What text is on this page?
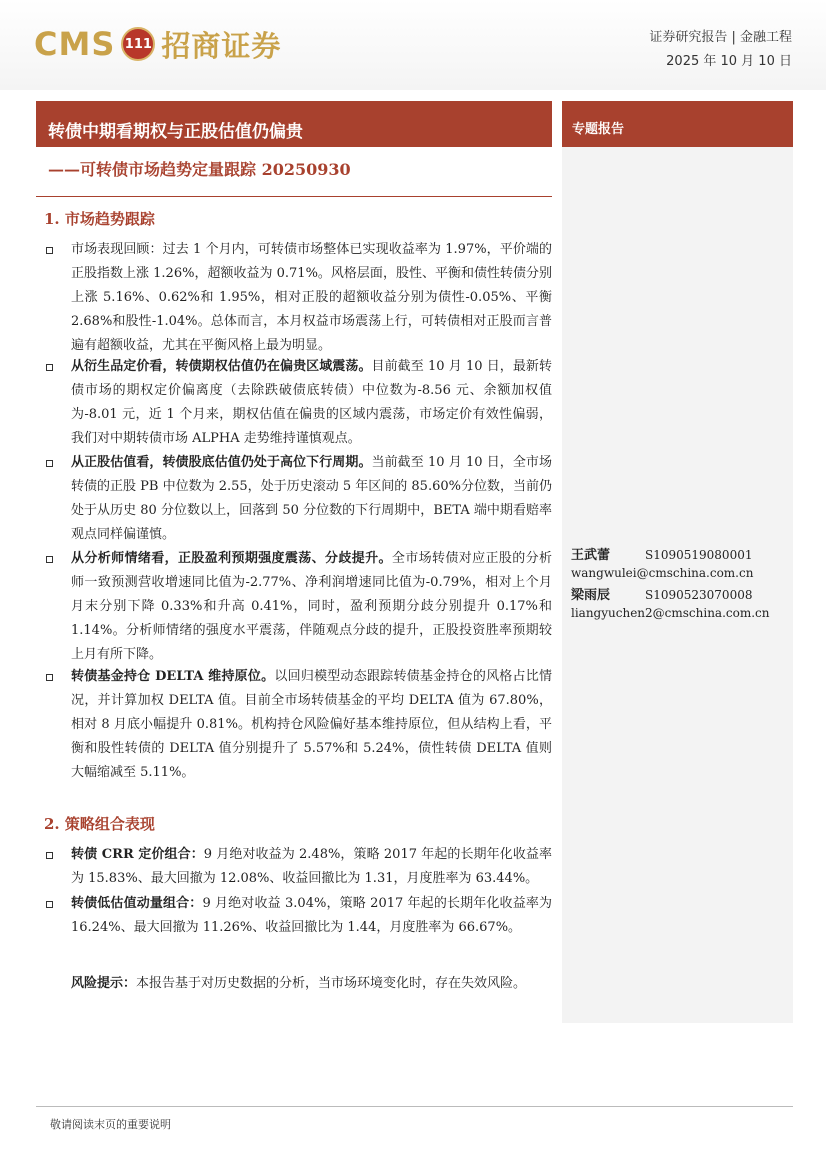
CMS 111 招商证券	证券研究报告 | 金融工程
2025 年 10 月 10 日
转债中期看期权与正股估值仍偏贵
——可转债市场趋势定量跟踪 20250930
专题报告
王武蕾	S1090519080001
wangwulei@cmschina.com.cn
梁雨辰	S1090523070008
liangyuchen2@cmschina.com.cn
1. 市场趋势跟踪
市场表现回顾：过去 1 个月内，可转债市场整体已实现收益率为 1.97%，平价端的正股指数上涨 1.26%，超额收益为 0.71%。风格层面，股性、平衡和债性转债分别上涨 5.16%、0.62%和 1.95%，相对正股的超额收益分别为债性-0.05%、平衡 2.68%和股性-1.04%。总体而言，本月权益市场震荡上行，可转债相对正股而言普遍有超额收益，尤其在平衡风格上最为明显。
从衍生品定价看，转债期权估值仍在偏贵区域震荡。目前截至 10 月 10 日，最新转债市场的期权定价偏离度（去除跌破债底转债）中位数为-8.56 元、余额加权值为-8.01 元，近 1 个月来，期权估值在偏贵的区域内震荡，市场定价有效性偏弱，我们对中期转债市场 ALPHA 走势维持谨慎观点。
从正股估值看，转债股底估值仍处于高位下行周期。当前截至 10 月 10 日，全市场转债的正股 PB 中位数为 2.55，处于历史滚动 5 年区间的 85.60%分位数，当前仍处于从历史 80 分位数以上，回落到 50 分位数的下行周期中，BETA 端中期看赔率观点同样偏谨慎。
从分析师情绪看，正股盈利预期强度震荡、分歧提升。全市场转债对应正股的分析师一致预测营收增速同比值为-2.77%、净利润增速同比值为-0.79%，相对上个月月末分别下降 0.33%和升高 0.41%，同时，盈利预期分歧分别提升 0.17%和 1.14%。分析师情绪的强度水平震荡，伴随观点分歧的提升，正股投资胜率预期较上月有所下降。
转债基金持仓 DELTA 维持原位。以回归模型动态跟踪转债基金持仓的风格占比情况，并计算加权 DELTA 值。目前全市场转债基金的平均 DELTA 值为 67.80%，相对 8 月底小幅提升 0.81%。机构持仓风险偏好基本维持原位，但从结构上看，平衡和股性转债的 DELTA 值分别提升了 5.57%和 5.24%，债性转债 DELTA 值则大幅缩减至 5.11%。
2. 策略组合表现
转债 CRR 定价组合：9 月绝对收益为 2.48%，策略 2017 年起的长期年化收益率为 15.83%、最大回撤为 12.08%、收益回撤比为 1.31，月度胜率为 63.44%。
转债低估值动量组合：9 月绝对收益 3.04%，策略 2017 年起的长期年化收益率为 16.24%、最大回撤为 11.26%、收益回撤比为 1.44，月度胜率为 66.67%。
风险提示：本报告基于对历史数据的分析，当市场环境变化时，存在失效风险。
敬请阅读末页的重要说明
